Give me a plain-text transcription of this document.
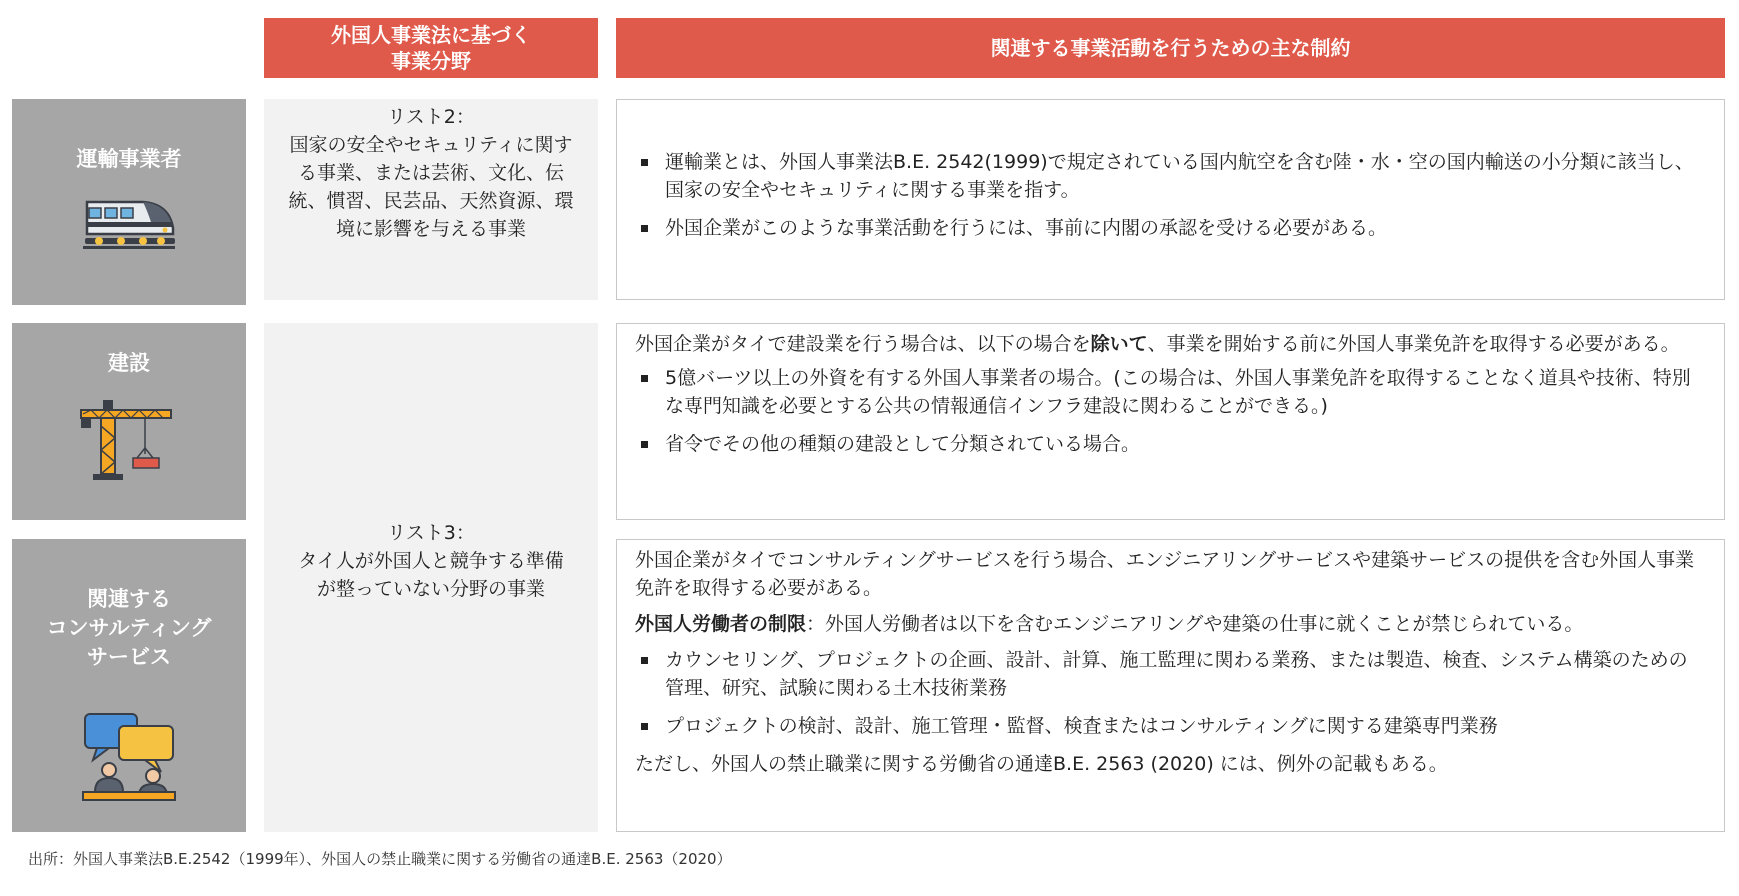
外国人事業法に基づく
事業分野
関連する事業活動を行うための主な制約
運輸事業者
リスト2：
国家の安全やセキュリティに関する事業、または芸術、文化、伝統、慣習、民芸品、天然資源、環境に影響を与える事業
運輸業とは、外国人事業法B.E. 2542(1999)で規定されている国内航空を含む陸・水・空の国内輸送の小分類に該当し、国家の安全やセキュリティに関する事業を指す。
外国企業がこのような事業活動を行うには、事前に内閣の承認を受ける必要がある。
建設

外国企業がタイで建設業を行う場合は、以下の場合を除いて、事業を開始する前に外国人事業免許を取得する必要がある。

5億バーツ以上の外資を有する外国人事業者の場合。(この場合は、外国人事業免許を取得することなく道具や技術、特別な専門知識を必要とする公共の情報通信インフラ建設に関わることができる。)
省令でその他の種類の建設として分類されている場合。
リスト3：
タイ人が外国人と競争する準備が整っていない分野の事業
関連する
コンサルティング
サービス

外国企業がタイでコンサルティングサービスを行う場合、エンジニアリングサービスや建築サービスの提供を含む外国人事業免許を取得する必要がある。

外国人労働者の制限：外国人労働者は以下を含むエンジニアリングや建築の仕事に就くことが禁じられている。

カウンセリング、プロジェクトの企画、設計、計算、施工監理に関わる業務、または製造、検査、システム構築のための管理、研究、試験に関わる土木技術業務
プロジェクトの検討、設計、施工管理・監督、検査またはコンサルティングに関する建築専門業務

ただし、外国人の禁止職業に関する労働省の通達B.E. 2563 (2020) には、例外の記載もある。

出所：外国人事業法B.E.2542（1999年）、外国人の禁止職業に関する労働省の通達B.E. 2563（2020）
